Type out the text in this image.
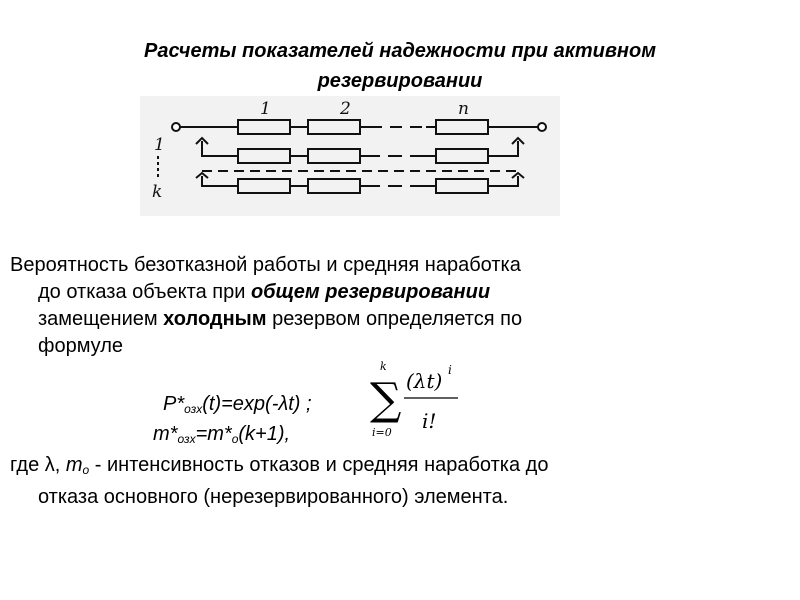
Расчеты показателей надежности при активном
резервировании
1	2	n
1
k
Вероятность безотказной работы и средняя наработка
до отказа объекта при общем резервировании
замещением холодным резервом определяется по
формуле
$P*_{озх}(t)=\exp(-\lambda t)$ ;
$m*_{озх}=m*_о(k+1)$,
k
∑
i=0
(λt) i
i!
где λ, $m_о$ - интенсивность отказов и средняя наработка до
отказа основного (нерезервированного) элемента.
